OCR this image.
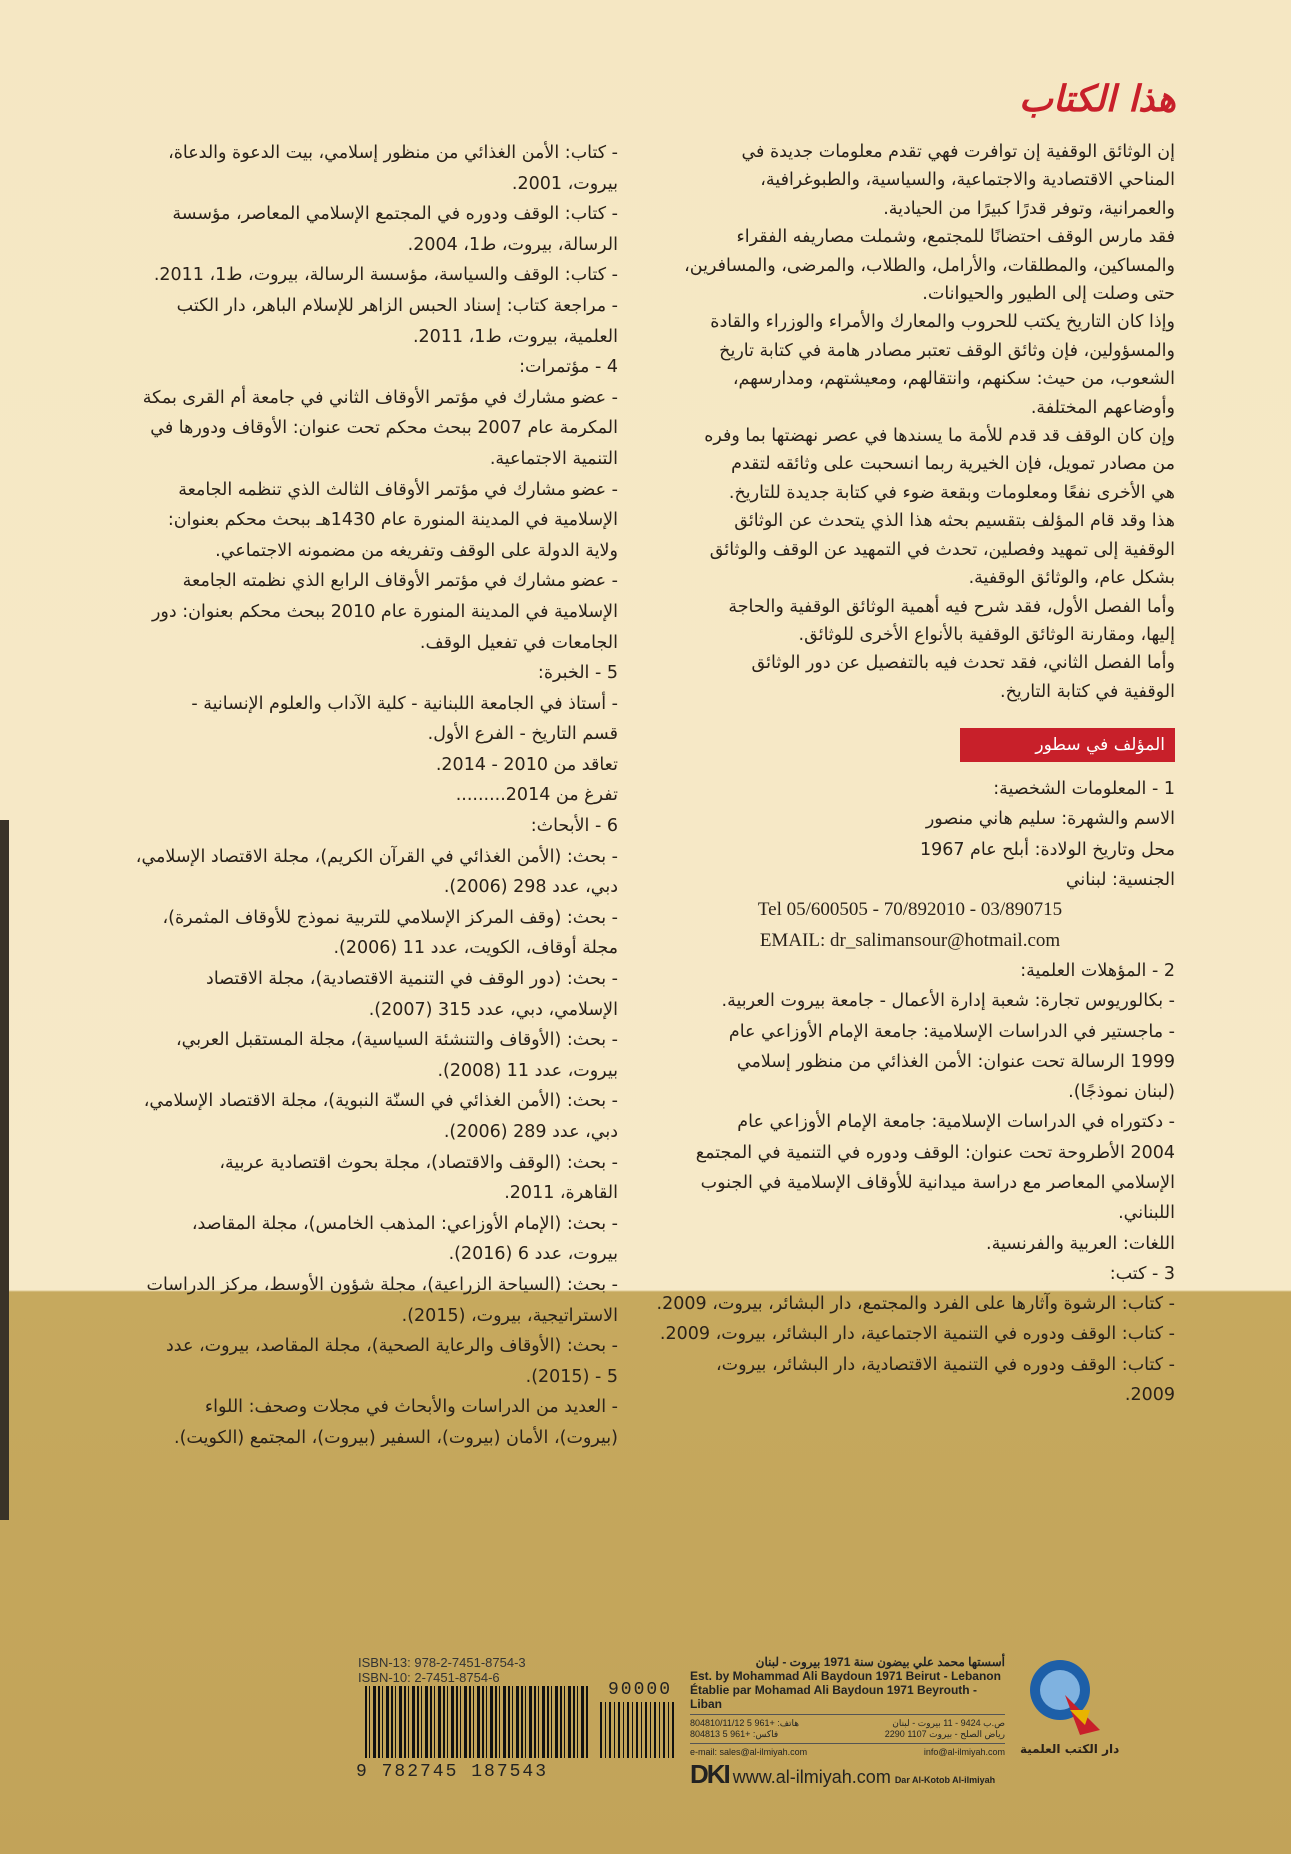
هذا الكتاب
إن الوثائق الوقفية إن توافرت فهي تقدم معلومات جديدة في
المناحي الاقتصادية والاجتماعية، والسياسية، والطبوغرافية،
والعمرانية، وتوفر قدرًا كبيرًا من الحيادية.
فقد مارس الوقف احتضانًا للمجتمع، وشملت مصاريفه الفقراء
والمساكين، والمطلقات، والأرامل، والطلاب، والمرضى، والمسافرين،
حتى وصلت إلى الطيور والحيوانات.
وإذا كان التاريخ يكتب للحروب والمعارك والأمراء والوزراء والقادة
والمسؤولين، فإن وثائق الوقف تعتبر مصادر هامة في كتابة تاريخ
الشعوب، من حيث: سكنهم، وانتقالهم، ومعيشتهم، ومدارسهم،
وأوضاعهم المختلفة.
وإن كان الوقف قد قدم للأمة ما يسندها في عصر نهضتها بما وفره
من مصادر تمويل، فإن الخيرية ربما انسحبت على وثائقه لتقدم
هي الأخرى نفعًا ومعلومات وبقعة ضوء في كتابة جديدة للتاريخ.
هذا وقد قام المؤلف بتقسيم بحثه هذا الذي يتحدث عن الوثائق
الوقفية إلى تمهيد وفصلين، تحدث في التمهيد عن الوقف والوثائق
بشكل عام، والوثائق الوقفية.
وأما الفصل الأول، فقد شرح فيه أهمية الوثائق الوقفية والحاجة
إليها، ومقارنة الوثائق الوقفية بالأنواع الأخرى للوثائق.
وأما الفصل الثاني، فقد تحدث فيه بالتفصيل عن دور الوثائق
الوقفية في كتابة التاريخ.
المؤلف في سطور
1 - المعلومات الشخصية:
الاسم والشهرة: سليم هاني منصور
محل وتاريخ الولادة: أبلح عام 1967
الجنسية: لبناني
Tel 05/600505 - 70/892010 - 03/890715
EMAIL: dr_salimansour@hotmail.com
2 - المؤهلات العلمية:
- بكالوريوس تجارة: شعبة إدارة الأعمال - جامعة بيروت العربية.
- ماجستير في الدراسات الإسلامية: جامعة الإمام الأوزاعي عام
1999 الرسالة تحت عنوان: الأمن الغذائي من منظور إسلامي
(لبنان نموذجًا).
- دكتوراه في الدراسات الإسلامية: جامعة الإمام الأوزاعي عام
2004 الأطروحة تحت عنوان: الوقف ودوره في التنمية في المجتمع
الإسلامي المعاصر مع دراسة ميدانية للأوقاف الإسلامية في الجنوب
اللبناني.
اللغات: العربية والفرنسية.
3 - كتب:
- كتاب: الرشوة وآثارها على الفرد والمجتمع، دار البشائر، بيروت، 2009.
- كتاب: الوقف ودوره في التنمية الاجتماعية، دار البشائر، بيروت، 2009.
- كتاب: الوقف ودوره في التنمية الاقتصادية، دار البشائر، بيروت،
2009.
- كتاب: الأمن الغذائي من منظور إسلامي، بيت الدعوة والدعاة،
بيروت، 2001.
- كتاب: الوقف ودوره في المجتمع الإسلامي المعاصر، مؤسسة
الرسالة، بيروت، ط1، 2004.
- كتاب: الوقف والسياسة، مؤسسة الرسالة، بيروت، ط1، 2011.
- مراجعة كتاب: إسناد الحبس الزاهر للإسلام الباهر، دار الكتب
العلمية، بيروت، ط1، 2011.
4 - مؤتمرات:
- عضو مشارك في مؤتمر الأوقاف الثاني في جامعة أم القرى بمكة
المكرمة عام 2007 ببحث محكم تحت عنوان: الأوقاف ودورها في
التنمية الاجتماعية.
- عضو مشارك في مؤتمر الأوقاف الثالث الذي تنظمه الجامعة
الإسلامية في المدينة المنورة عام 1430هـ ببحث محكم بعنوان:
ولاية الدولة على الوقف وتفريغه من مضمونه الاجتماعي.
- عضو مشارك في مؤتمر الأوقاف الرابع الذي نظمته الجامعة
الإسلامية في المدينة المنورة عام 2010 ببحث محكم بعنوان: دور
الجامعات في تفعيل الوقف.
5 - الخبرة:
- أستاذ في الجامعة اللبنانية - كلية الآداب والعلوم الإنسانية -
قسم التاريخ - الفرع الأول.
تعاقد من 2010 - 2014.
تفرغ من 2014.........
6 - الأبحاث:
- بحث: (الأمن الغذائي في القرآن الكريم)، مجلة الاقتصاد الإسلامي،
دبي، عدد 298 (2006).
- بحث: (وقف المركز الإسلامي للتربية نموذج للأوقاف المثمرة)،
مجلة أوقاف، الكويت، عدد 11 (2006).
- بحث: (دور الوقف في التنمية الاقتصادية)، مجلة الاقتصاد
الإسلامي، دبي، عدد 315 (2007).
- بحث: (الأوقاف والتنشئة السياسية)، مجلة المستقبل العربي،
بيروت، عدد 11 (2008).
- بحث: (الأمن الغذائي في السنّة النبوية)، مجلة الاقتصاد الإسلامي،
دبي، عدد 289 (2006).
- بحث: (الوقف والاقتصاد)، مجلة بحوث اقتصادية عربية،
القاهرة، 2011.
- بحث: (الإمام الأوزاعي: المذهب الخامس)، مجلة المقاصد،
بيروت، عدد 6 (2016).
- بحث: (السياحة الزراعية)، مجلة شؤون الأوسط، مركز الدراسات
الاستراتيجية، بيروت، (2015).
- بحث: (الأوقاف والرعاية الصحية)، مجلة المقاصد، بيروت، عدد
5 - (2015).
- العديد من الدراسات والأبحاث في مجلات وصحف: اللواء
(بيروت)، الأمان (بيروت)، السفير (بيروت)، المجتمع (الكويت).
ISBN-13: 978-2-7451-8754-3
ISBN-10: 2-7451-8754-6
90000
9 782745 187543
أسستها محمد علي بيضون سنة 1971 بيروت - لبنان
Est. by Mohammad Ali Baydoun 1971 Beirut - Lebanon
Établie par Mohamad Ali Baydoun 1971 Beyrouth - Liban
هاتف: +961 5 804810/11/12	ص.ب 9424 - 11 بيروت - لبنان
فاكس: +961 5 804813	رياض الصلح - بيروت 1107 2290
e-mail: sales@al-ilmiyah.com	info@al-ilmiyah.com
DKI www.al-ilmiyah.com Dar Al-Kotob Al-ilmiyah
دار الكتب العلمية
